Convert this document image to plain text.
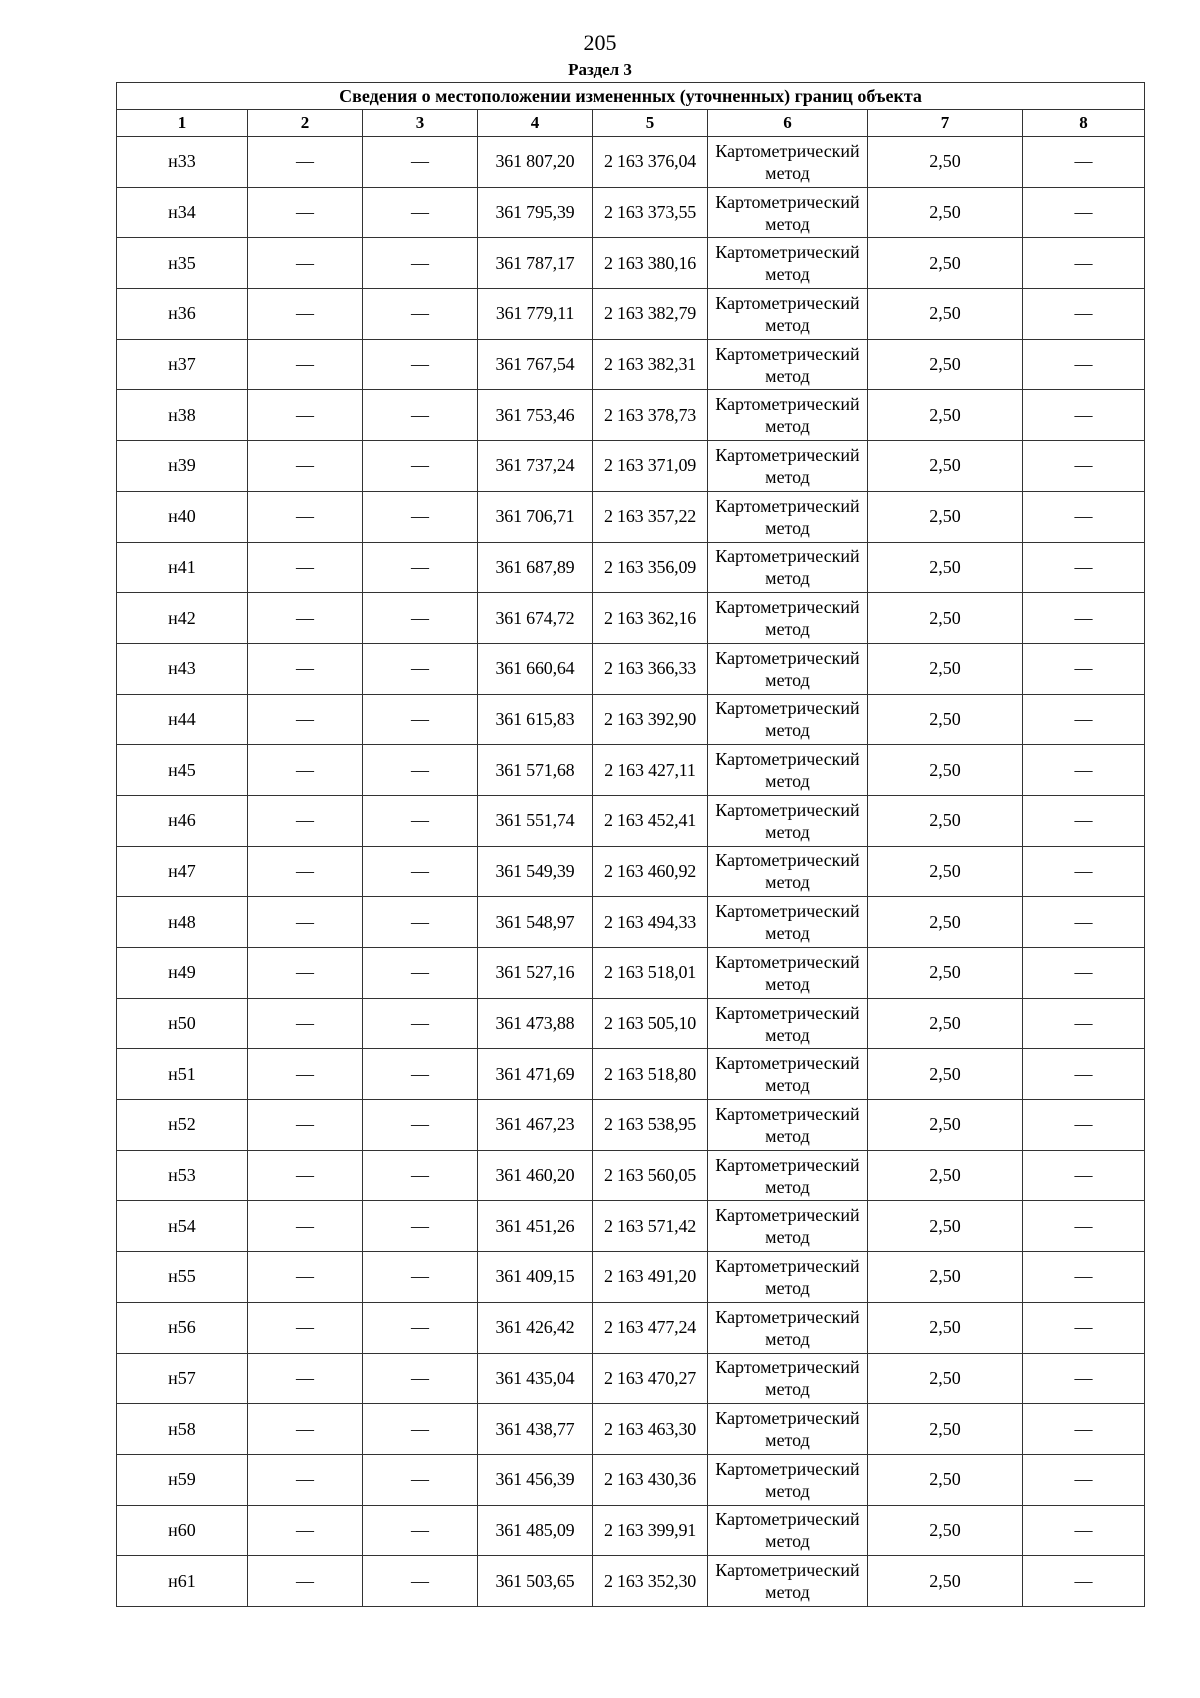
205
Раздел 3
Сведения о местоположении измененных (уточненных) границ объекта							
1	2	3	4	5	6	7	8
н33	—	—	361 807,20	2 163 376,04	Картометрический метод	2,50	—
н34	—	—	361 795,39	2 163 373,55	Картометрический метод	2,50	—
н35	—	—	361 787,17	2 163 380,16	Картометрический метод	2,50	—
н36	—	—	361 779,11	2 163 382,79	Картометрический метод	2,50	—
н37	—	—	361 767,54	2 163 382,31	Картометрический метод	2,50	—
н38	—	—	361 753,46	2 163 378,73	Картометрический метод	2,50	—
н39	—	—	361 737,24	2 163 371,09	Картометрический метод	2,50	—
н40	—	—	361 706,71	2 163 357,22	Картометрический метод	2,50	—
н41	—	—	361 687,89	2 163 356,09	Картометрический метод	2,50	—
н42	—	—	361 674,72	2 163 362,16	Картометрический метод	2,50	—
н43	—	—	361 660,64	2 163 366,33	Картометрический метод	2,50	—
н44	—	—	361 615,83	2 163 392,90	Картометрический метод	2,50	—
н45	—	—	361 571,68	2 163 427,11	Картометрический метод	2,50	—
н46	—	—	361 551,74	2 163 452,41	Картометрический метод	2,50	—
н47	—	—	361 549,39	2 163 460,92	Картометрический метод	2,50	—
н48	—	—	361 548,97	2 163 494,33	Картометрический метод	2,50	—
н49	—	—	361 527,16	2 163 518,01	Картометрический метод	2,50	—
н50	—	—	361 473,88	2 163 505,10	Картометрический метод	2,50	—
н51	—	—	361 471,69	2 163 518,80	Картометрический метод	2,50	—
н52	—	—	361 467,23	2 163 538,95	Картометрический метод	2,50	—
н53	—	—	361 460,20	2 163 560,05	Картометрический метод	2,50	—
н54	—	—	361 451,26	2 163 571,42	Картометрический метод	2,50	—
н55	—	—	361 409,15	2 163 491,20	Картометрический метод	2,50	—
н56	—	—	361 426,42	2 163 477,24	Картометрический метод	2,50	—
н57	—	—	361 435,04	2 163 470,27	Картометрический метод	2,50	—
н58	—	—	361 438,77	2 163 463,30	Картометрический метод	2,50	—
н59	—	—	361 456,39	2 163 430,36	Картометрический метод	2,50	—
н60	—	—	361 485,09	2 163 399,91	Картометрический метод	2,50	—
н61	—	—	361 503,65	2 163 352,30	Картометрический метод	2,50	—
